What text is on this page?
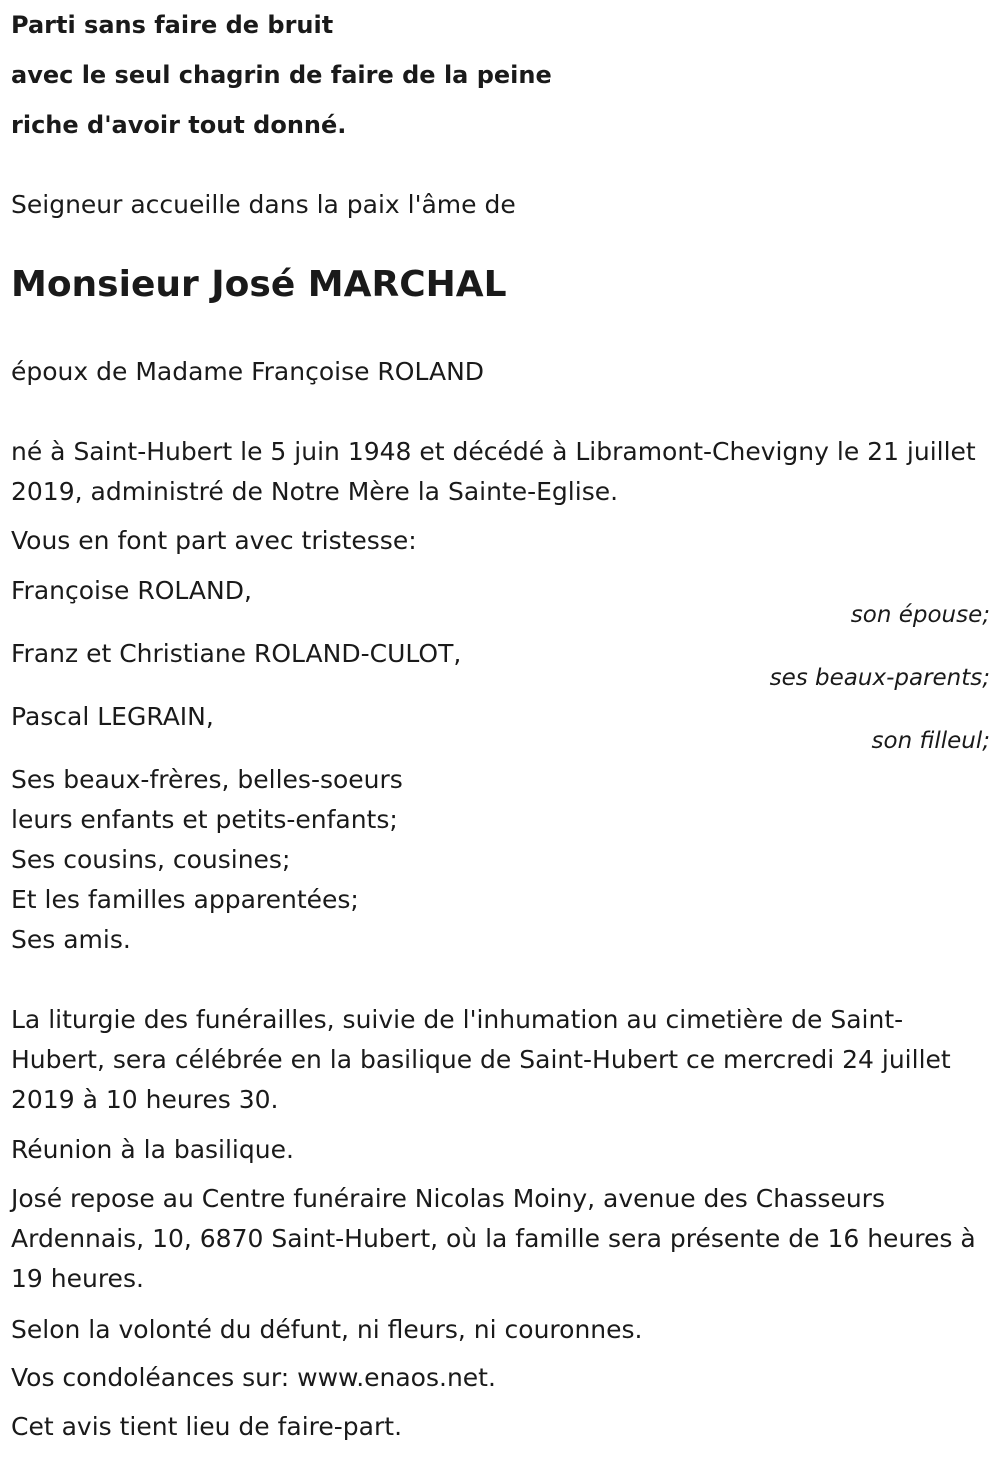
Parti sans faire de bruit

avec le seul chagrin de faire de la peine

riche d'avoir tout donné.

Seigneur accueille dans la paix l'âme de

Monsieur José MARCHAL

époux de Madame Françoise ROLAND

né à Saint-Hubert le 5 juin 1948 et décédé à Libramont-Chevigny le 21 juillet 2019, administré de Notre Mère la Sainte-Eglise.

Vous en font part avec tristesse:

Françoise ROLAND,

son épouse;

Franz et Christiane ROLAND-CULOT,

ses beaux-parents;

Pascal LEGRAIN,

son filleul;
Ses beaux-frères, belles-soeurs
leurs enfants et petits-enfants;
Ses cousins, cousines;
Et les familles apparentées;
Ses amis.

La liturgie des funérailles, suivie de l'inhumation au cimetière de Saint-Hubert, sera célébrée en la basilique de Saint-Hubert ce mercredi 24 juillet 2019 à 10 heures 30.

Réunion à la basilique.

José repose au Centre funéraire Nicolas Moiny, avenue des Chasseurs Ardennais, 10, 6870 Saint-Hubert, où la famille sera présente de 16 heures à 19 heures.

Selon la volonté du défunt, ni fleurs, ni couronnes.

Vos condoléances sur: www.enaos.net.

Cet avis tient lieu de faire-part.
